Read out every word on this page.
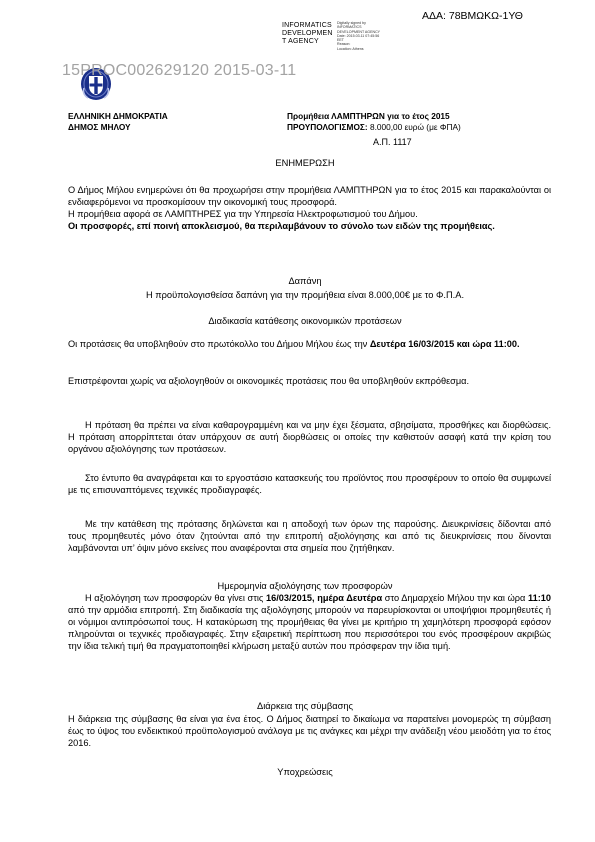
ΑΔΑ: 78ΒΜΩΚΩ-1ΥΘ
INFORMATICS
DEVELOPMEN
T AGENCY
Digitally signed by
INFORMATICS
DEVELOPMENT AGENCY
Date: 2015.03.11 07:45:56
EET
Reason:
Location: Athens
15PROC002629120 2015-03-11
ΕΛΛΗΝΙΚΗ ΔΗΜΟΚΡΑΤΙΑ
ΔΗΜΟΣ ΜΗΛΟΥ
Προμήθεια ΛΑΜΠΤΗΡΩΝ για το έτος 2015
ΠΡΟΥΠΟΛΟΓΙΣΜΟΣ: 8.000,00 ευρώ (με ΦΠΑ)
Α.Π. 1117
ΕΝΗΜΕΡΩΣΗ
Ο Δήμος Μήλου ενημερώνει ότι θα προχωρήσει στην προμήθεια ΛΑΜΠΤΗΡΩΝ για το έτος 2015 και παρακαλούνται οι ενδιαφερόμενοι να προσκομίσουν την οικονομική τους προσφορά.
Η προμήθεια αφορά σε ΛΑΜΠΤΗΡΕΣ για την Υπηρεσία Ηλεκτροφωτισμού του Δήμου.
Οι προσφορές, επί ποινή αποκλεισμού, θα περιλαμβάνουν το σύνολο των ειδών της προμήθειας.
Δαπάνη
Η προϋπολογισθείσα δαπάνη για την προμήθεια είναι 8.000,00€ με το Φ.Π.Α.
Διαδικασία κατάθεσης οικονομικών προτάσεων
Οι προτάσεις θα υποβληθούν στο πρωτόκολλο του Δήμου Μήλου έως την Δευτέρα 16/03/2015 και ώρα 11:00.
Επιστρέφονται χωρίς να αξιολογηθούν οι οικονομικές προτάσεις που θα υποβληθούν εκπρόθεσμα.
Η πρόταση θα πρέπει να είναι καθαρογραμμένη και να μην έχει ξέσματα, σβησίματα, προσθήκες και διορθώσεις. Η πρόταση απορρίπτεται όταν υπάρχουν σε αυτή διορθώσεις οι οποίες την καθιστούν ασαφή κατά την κρίση του οργάνου αξιολόγησης των προτάσεων.
Στο έντυπο θα αναγράφεται και το εργοστάσιο κατασκευής του προϊόντος που προσφέρουν το οποίο θα συμφωνεί με τις επισυναπτόμενες τεχνικές προδιαγραφές.
Με την κατάθεση της πρότασης δηλώνεται και η αποδοχή των όρων της παρούσης. Διευκρινίσεις δίδονται από τους προμηθευτές μόνο όταν ζητούνται από την επιτροπή αξιολόγησης και από τις διευκρινίσεις που δίνονται λαμβάνονται υπ’ όψιν μόνο εκείνες που αναφέρονται στα σημεία που ζητήθηκαν.
Ημερομηνία αξιολόγησης των προσφορών
Η αξιολόγηση των προσφορών θα γίνει στις 16/03/2015, ημέρα Δευτέρα στο Δημαρχείο Μήλου την και ώρα 11:10 από την αρμόδια επιτροπή. Στη διαδικασία της αξιολόγησης μπορούν να παρευρίσκονται οι υποψήφιοι προμηθευτές ή οι νόμιμοι αντιπρόσωποί τους. Η κατακύρωση της προμήθειας θα γίνει με κριτήριο τη χαμηλότερη προσφορά εφόσον πληρούνται οι τεχνικές προδιαγραφές. Στην εξαιρετική περίπτωση που περισσότεροι του ενός προσφέρουν ακριβώς την ίδια τελική τιμή θα πραγματοποιηθεί κλήρωση μεταξύ αυτών που πρόσφεραν την ίδια τιμή.
Διάρκεια της σύμβασης
Η διάρκεια της σύμβασης θα είναι για ένα έτος. Ο Δήμος διατηρεί το δικαίωμα να παρατείνει μονομερώς τη σύμβαση έως το ύψος του ενδεικτικού προϋπολογισμού ανάλογα με τις ανάγκες και μέχρι την ανάδειξη νέου μειοδότη για το έτος 2016.
Υποχρεώσεις
